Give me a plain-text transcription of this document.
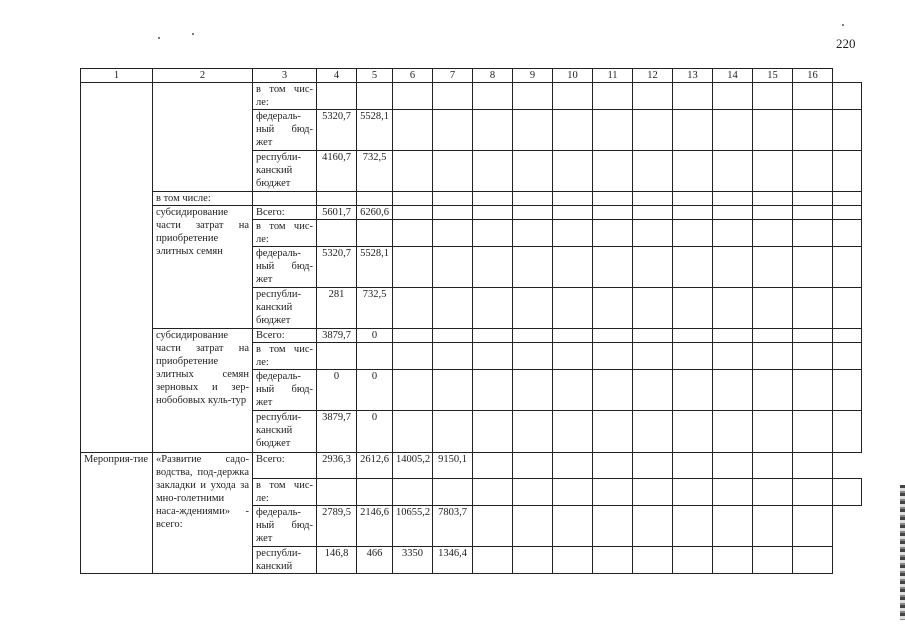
220
1	2	3	4	5	6	7	8	9	10	11	12	13	14	15	16	
		в том чис-ле:														
		федераль-ный бюд-жет	5320,7	5528,1												
		республи-канский бюджет	4160,7	732,5												
	в том числе:															
	субсидирование части затрат на приобретение элитных семян	Всего:	5601,7	6260,6												
		в том чис-ле:														
		федераль-ный бюд-жет	5320,7	5528,1												
		республи-канский бюджет	281	732,5												
	субсидирование части затрат на приобретение элитных семян зерновых и зер-нобобовых куль-тур	Всего:	3879,7	0												
		в том чис-ле:														
		федераль-ный бюд-жет	0	0												
		республи-канский бюджет	3879,7	0												
Мероприя-тие	«Развитие садо-водства, под-держка закладки и ухода за мно-голетними наса-ждениями» - всего:	Всего:	2936,3	2612,6	14005,2	9150,1										
		в том чис-ле:														
		федераль-ный бюд-жет	2789,5	2146,6	10655,2	7803,7										
		республи-канский	146,8	466	3350	1346,4										
